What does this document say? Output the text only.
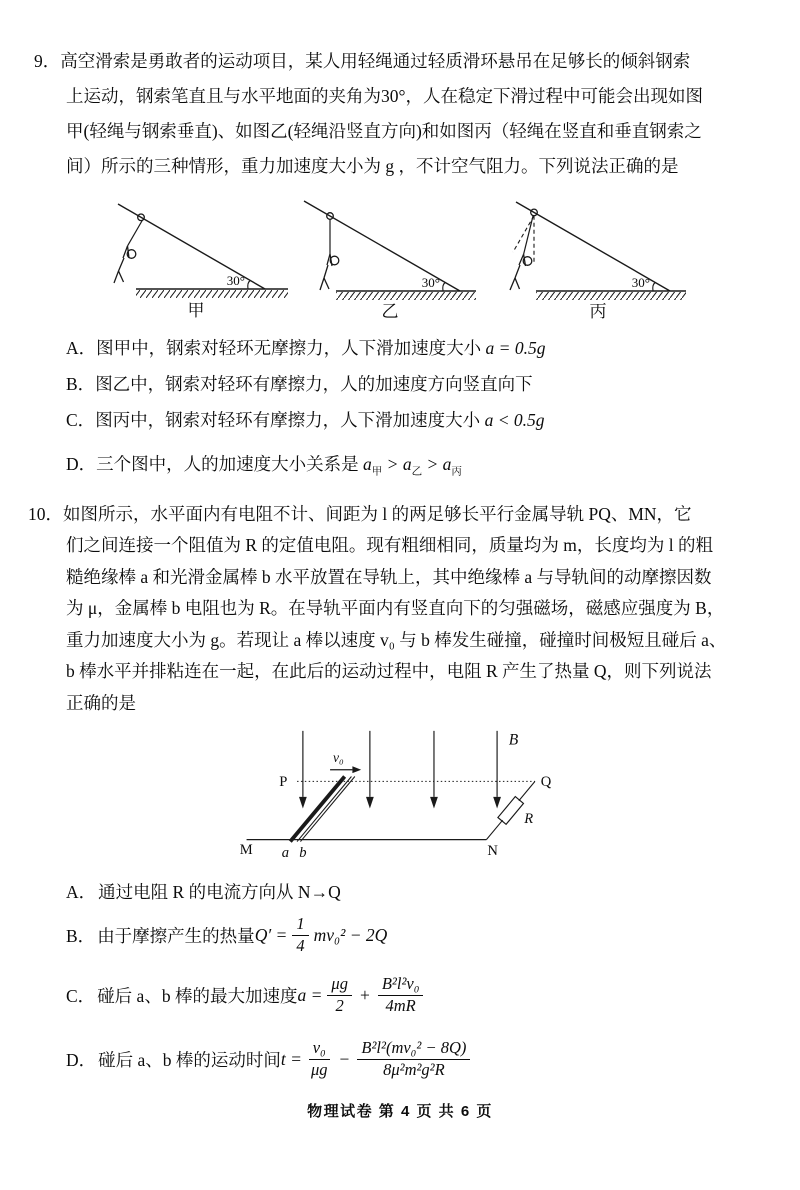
9．高空滑索是勇敢者的运动项目，某人用轻绳通过轻质滑环悬吊在足够长的倾斜钢索
上运动，钢索笔直且与水平地面的夹角为30°，人在稳定下滑过程中可能会出现如图
甲(轻绳与钢索垂直)、如图乙(轻绳沿竖直方向)和如图丙（轻绳在竖直和垂直钢索之
间）所示的三种情形，重力加速度大小为 g ，不计空气阻力。下列说法正确的是
30°
甲
30°
乙
30°
丙
A．图甲中，钢索对轻环无摩擦力，人下滑加速度大小 a = 0.5g
B．图乙中，钢索对轻环有摩擦力，人的加速度方向竖直向下
C．图丙中，钢索对轻环有摩擦力，人下滑加速度大小 a < 0.5g
D．三个图中，人的加速度大小关系是 $a_甲 > a_乙 > a_丙$
10．如图所示，水平面内有电阻不计、间距为 l 的两足够长平行金属导轨 PQ、MN，它
们之间连接一个阻值为 R 的定值电阻。现有粗细相同，质量均为 m，长度均为 l 的粗
糙绝缘棒 a 和光滑金属棒 b 水平放置在导轨上，其中绝缘棒 a 与导轨间的动摩擦因数
为 μ，金属棒 b 电阻也为 R。在导轨平面内有竖直向下的匀强磁场，磁感应强度为 B，
重力加速度大小为 g。若现让 a 棒以速度 v₀ 与 b 棒发生碰撞，碰撞时间极短且碰后 a、
b 棒水平并排粘连在一起，在此后的运动过程中，电阻 R 产生了热量 Q，则下列说法
正确的是
B
P	Q
M	N
R
a b
v₀
A． 通过电阻 R 的电流方向从 N→Q
B． 由于摩擦产生的热量 $Q' = \frac{1}{4} mv_0^2 - 2Q$
C． 碰后 a、b 棒的最大加速度 $a = \frac{\mu g}{2} + \frac{\text{B²l²v₀}}{4mR}$
D． 碰后 a、b 棒的运动时间 $t = \frac{\text{v₀}}{\mu g} - \frac{\text{B²l²(mv₀² − 8Q)}}{\text{8μ²m²g²R}}$
物理试卷 第 4 页 共 6 页
